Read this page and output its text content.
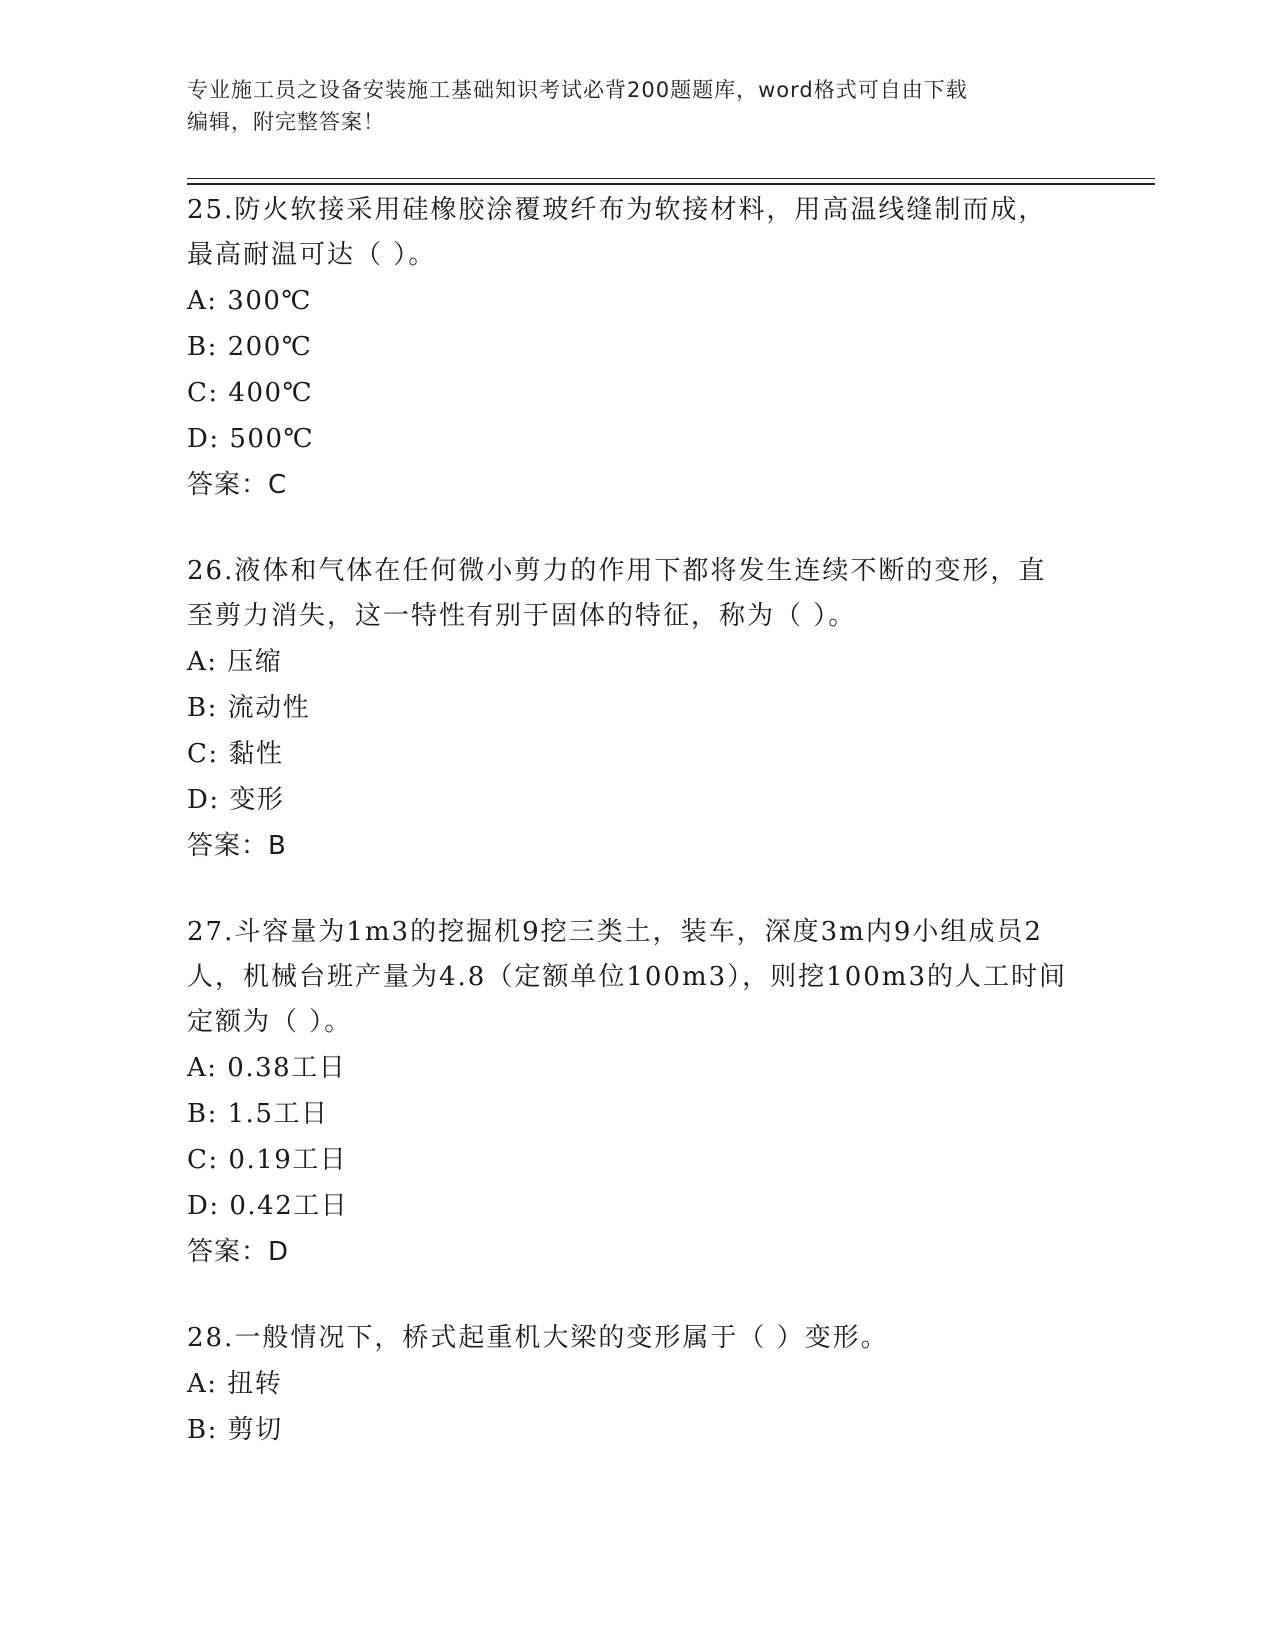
专业施工员之设备安装施工基础知识考试必背200题题库，word格式可自由下载
编辑，附完整答案！

25.防火软接采用硅橡胶涂覆玻纤布为软接材料，用高温线缝制而成，最高耐温可达（ ）。

A: 300℃

B: 200℃

C: 400℃

D: 500℃

答案：C

26.液体和气体在任何微小剪力的作用下都将发生连续不断的变形，直至剪力消失，这一特性有别于固体的特征，称为（ ）。

A: 压缩

B: 流动性

C: 黏性

D: 变形

答案：B

27.斗容量为1m3的挖掘机9挖三类土，装车，深度3m内9小组成员2人，机械台班产量为4.8（定额单位100m3），则挖100m3的人工时间定额为（ ）。

A: 0.38工日

B: 1.5工日

C: 0.19工日

D: 0.42工日

答案：D

28.一般情况下，桥式起重机大梁的变形属于（ ）变形。

A: 扭转

B: 剪切
